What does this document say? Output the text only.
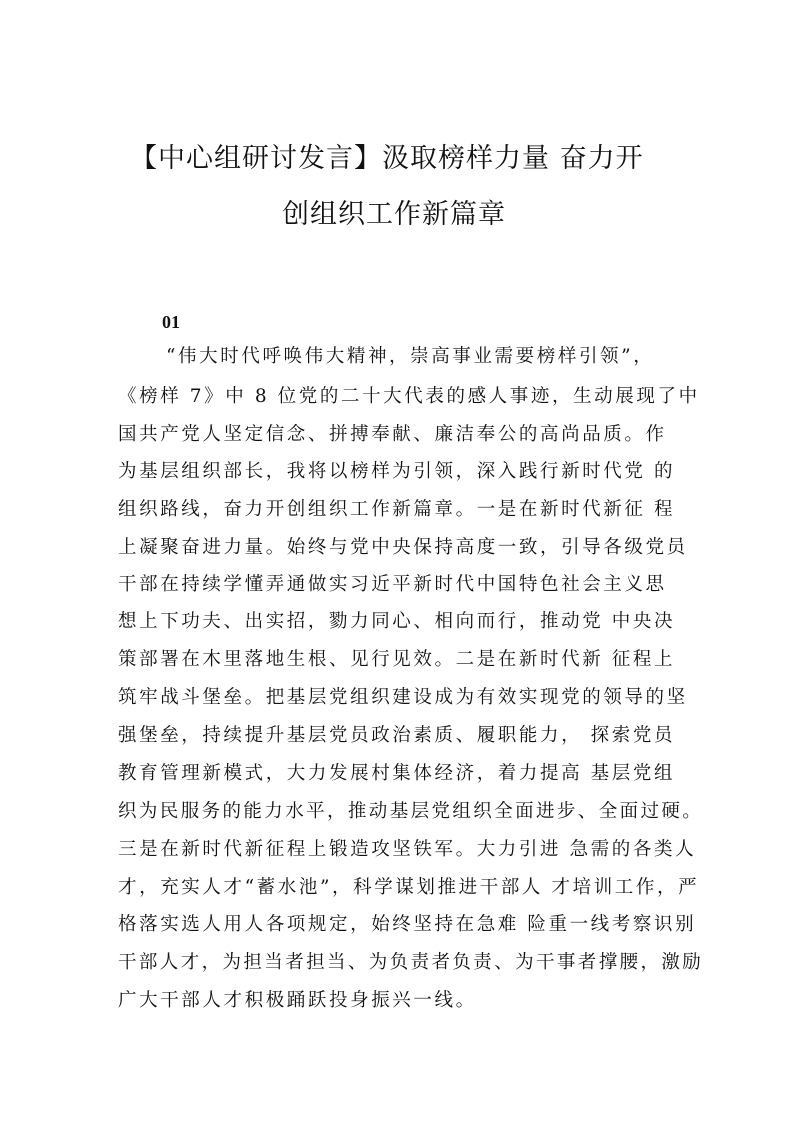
【中心组研讨发言】汲取榜样力量 奋力开
创组织工作新篇章
01
“伟大时代呼唤伟大精神，崇高事业需要榜样引领”，
《榜样 7》中 8 位党的二十大代表的感人事迹，生动展现了中
国共产党人坚定信念、拼搏奉献、廉洁奉公的高尚品质。作
为基层组织部长，我将以榜样为引领，深入践行新时代党 的
组织路线，奋力开创组织工作新篇章。一是在新时代新征 程
上凝聚奋进力量。始终与党中央保持高度一致，引导各级党员
干部在持续学懂弄通做实习近平新时代中国特色社会主义思
想上下功夫、出实招，勠力同心、相向而行，推动党 中央决
策部署在木里落地生根、见行见效。二是在新时代新 征程上
筑牢战斗堡垒。把基层党组织建设成为有效实现党的领导的坚
强堡垒，持续提升基层党员政治素质、履职能力， 探索党员
教育管理新模式，大力发展村集体经济，着力提高 基层党组
织为民服务的能力水平，推动基层党组织全面进步、全面过硬。
三是在新时代新征程上锻造攻坚铁军。大力引进 急需的各类人
才，充实人才“蓄水池”，科学谋划推进干部人 才培训工作，严
格落实选人用人各项规定，始终坚持在急难 险重一线考察识别
干部人才，为担当者担当、为负责者负责、为干事者撑腰，激励
广大干部人才积极踊跃投身振兴一线。
